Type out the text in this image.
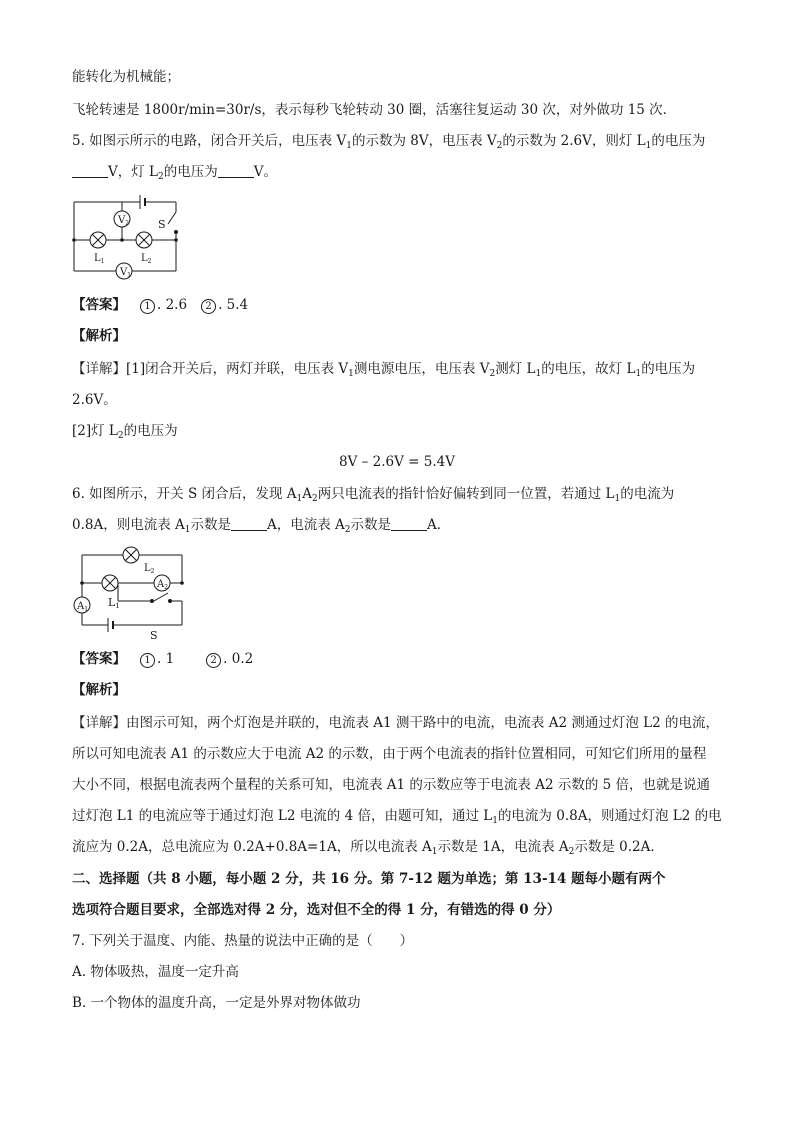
能转化为机械能；
飞轮转速是 1800r/min=30r/s，表示每秒飞轮转动 30 圈，活塞往复运动 30 次，对外做功 15 次．
5. 如图示所示的电路，闭合开关后，电压表 $V_1$的示数为 8V，电压表 $V_2$的示数为 2.6V，则灯 $L_1$的电压为
V，灯 $L_2$的电压为	V。
$V_2$
$V_1$
S
$L_1$	$L_2$
【答案】 1 . 2.6 2 . 5.4
【解析】
【详解】[1]闭合开关后，两灯并联，电压表 $V_1$测电源电压，电压表 $V_2$测灯 $L_1$的电压，故灯 $L_1$的电压为
2.6V。
[2]灯 $L_2$的电压为
8V – 2.6V = 5.4V
6. 如图所示，开关 S 闭合后，发现 $A_1A_2$两只电流表的指针恰好偏转到同一位置，若通过 $L_1$的电流为
0.8A，则电流表 $A_1$示数是	A，电流表 $A_2$示数是	A．
$A_1$
$A_2$
L1
$L_2$
S
【答案】 1 . 1	2 . 0.2
【解析】
【详解】由图示可知，两个灯泡是并联的，电流表 A1 测干路中的电流，电流表 A2 测通过灯泡 L2 的电流，
所以可知电流表 A1 的示数应大于电流 A2 的示数，由于两个电流表的指针位置相同，可知它们所用的量程
大小不同，根据电流表两个量程的关系可知，电流表 A1 的示数应等于电流表 A2 示数的 5 倍，也就是说通
过灯泡 L1 的电流应等于通过灯泡 L2 电流的 4 倍，由题可知，通过 $L_1$的电流为 0.8A，则通过灯泡 L2 的电
流应为 0.2A，总电流应为 0.2A+0.8A=1A，所以电流表 $A_1$示数是 1A，电流表 $A_2$示数是 0.2A．
二、选择题（共 8 小题，每小题 2 分，共 16 分。第 7-12 题为单选；第 13-14 题每小题有两个
选项符合题目要求，全部选对得 2 分，选对但不全的得 1 分，有错选的得 0 分）
7. 下列关于温度、内能、热量的说法中正确的是（　　）
A. 物体吸热，温度一定升高
B. 一个物体的温度升高，一定是外界对物体做功
